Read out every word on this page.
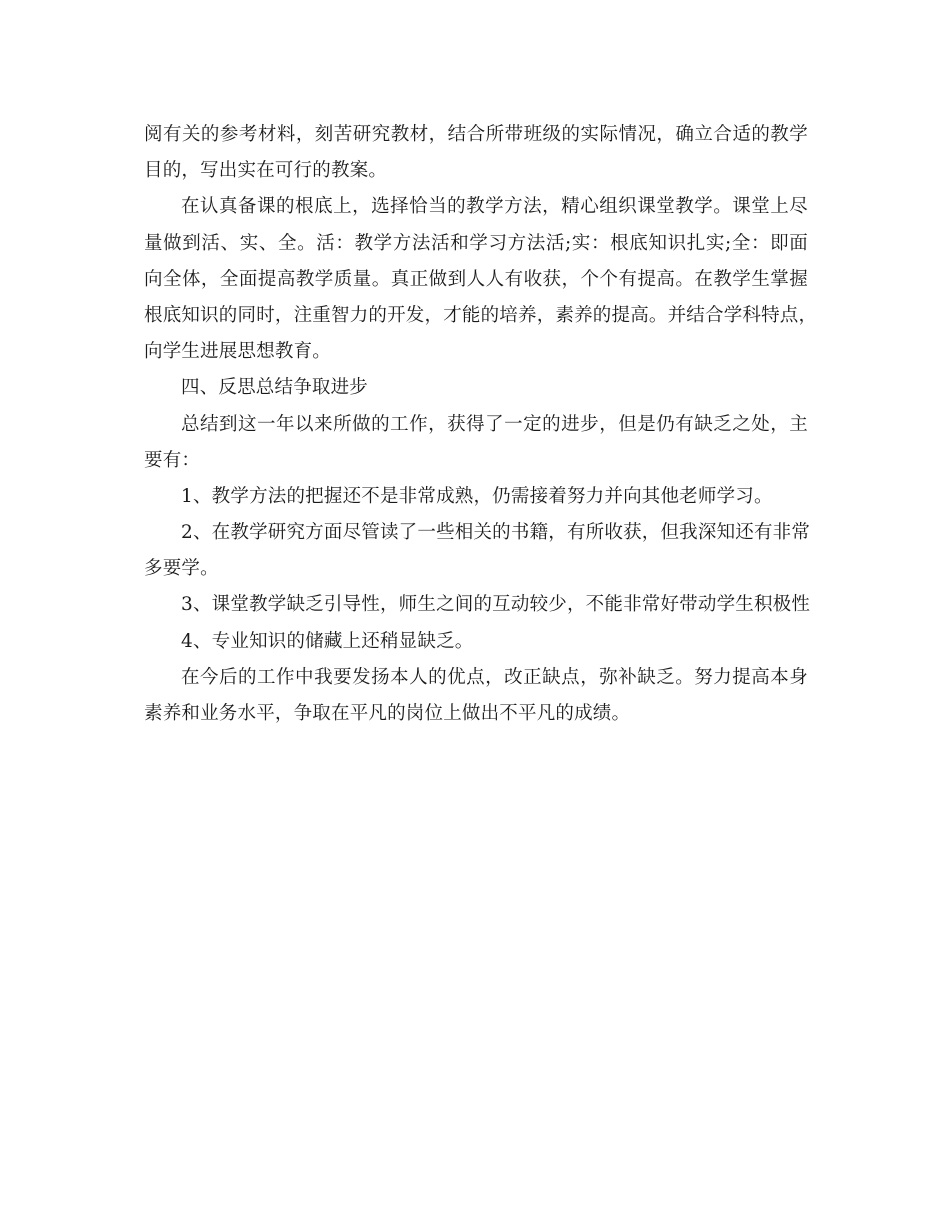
阅有关的参考材料，刻苦研究教材，结合所带班级的实际情况，确立合适的教学
目的，写出实在可行的教案。
在认真备课的根底上，选择恰当的教学方法，精心组织课堂教学。课堂上尽
量做到活、实、全。活：教学方法活和学习方法活;实：根底知识扎实;全：即面
向全体，全面提高教学质量。真正做到人人有收获，个个有提高。在教学生掌握
根底知识的同时，注重智力的开发，才能的培养，素养的提高。并结合学科特点，
向学生进展思想教育。
四、反思总结争取进步
总结到这一年以来所做的工作，获得了一定的进步，但是仍有缺乏之处，主
要有：
1、教学方法的把握还不是非常成熟，仍需接着努力并向其他老师学习。
2、在教学研究方面尽管读了一些相关的书籍，有所收获，但我深知还有非常
多要学。
3、课堂教学缺乏引导性，师生之间的互动较少，不能非常好带动学生积极性
4、专业知识的储藏上还稍显缺乏。
在今后的工作中我要发扬本人的优点，改正缺点，弥补缺乏。努力提高本身
素养和业务水平，争取在平凡的岗位上做出不平凡的成绩。
